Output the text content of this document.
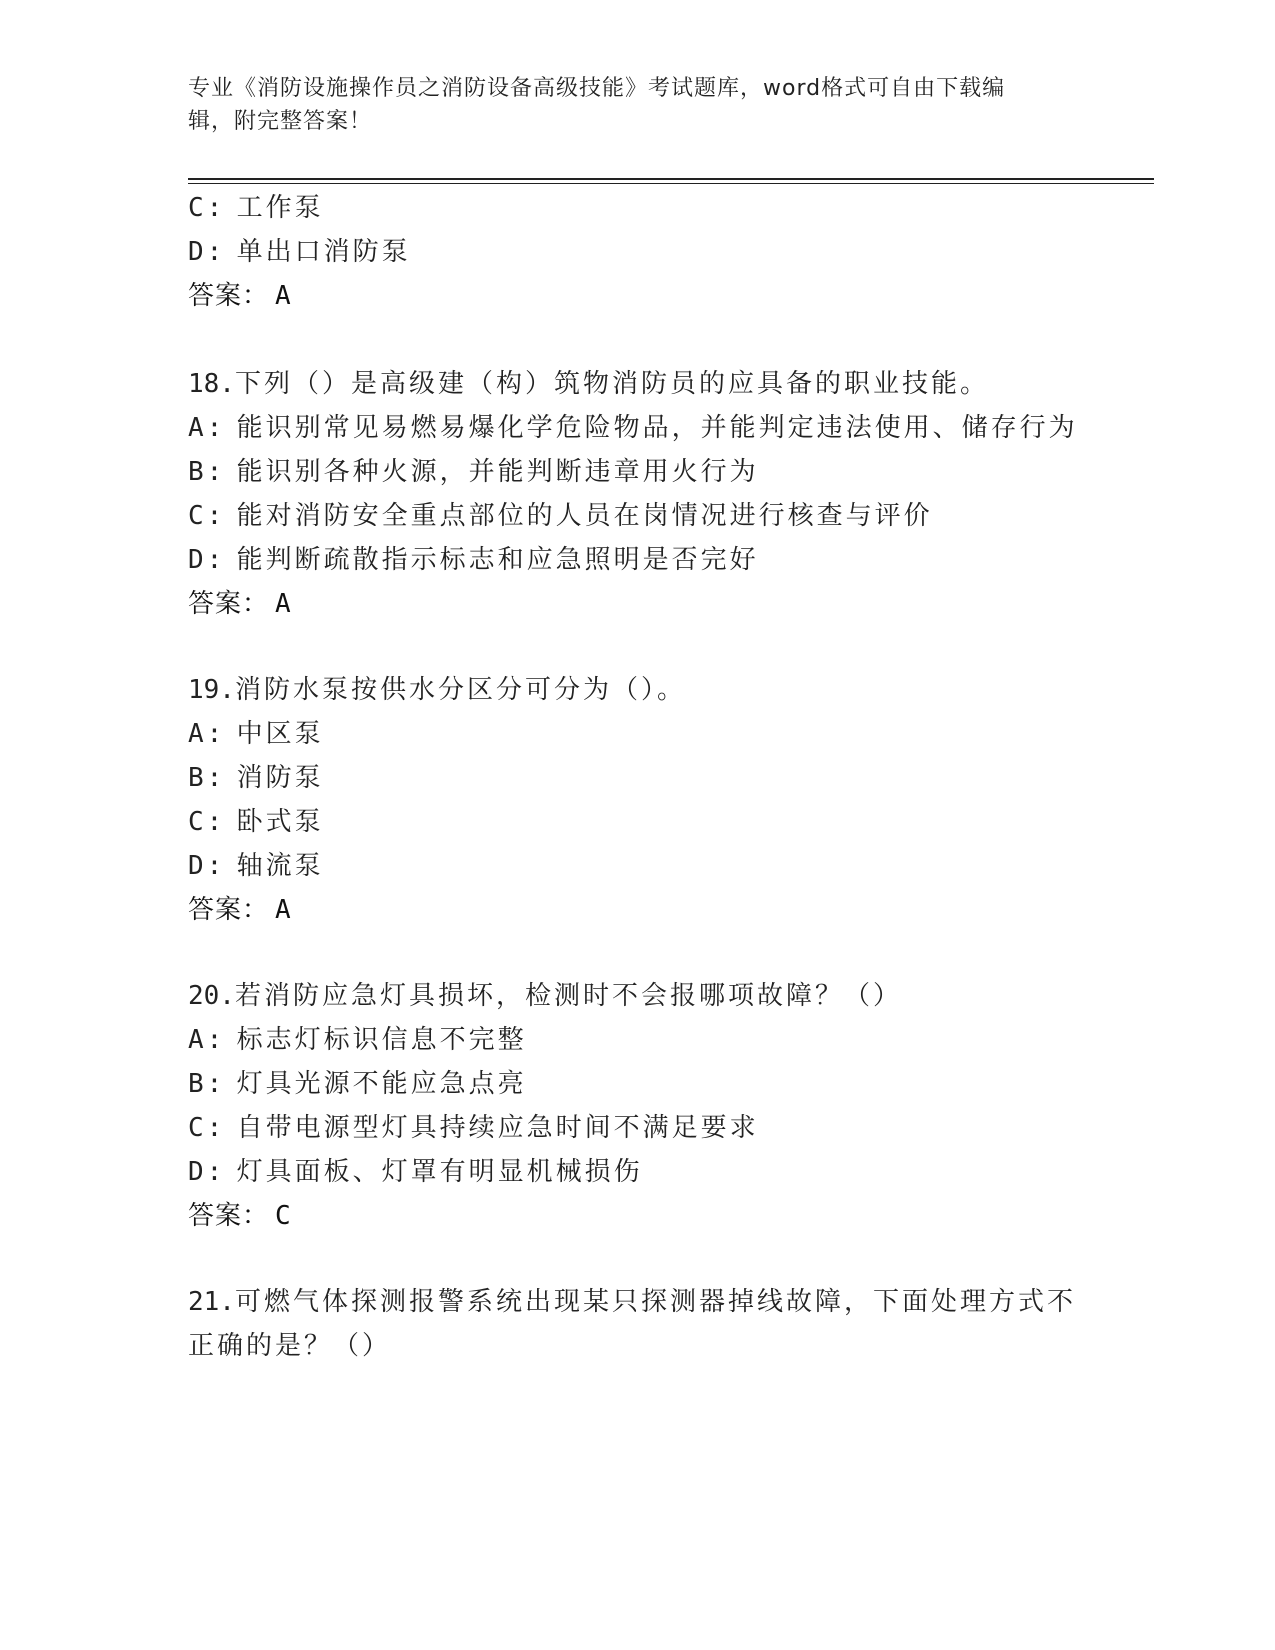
专业《消防设施操作员之消防设备高级技能》考试题库，word格式可自由下载编
辑，附完整答案！
C: 工作泵
D: 单出口消防泵
答案： A
18.下列（）是高级建（构）筑物消防员的应具备的职业技能。
A: 能识别常见易燃易爆化学危险物品，并能判定违法使用、储存行为
B: 能识别各种火源，并能判断违章用火行为
C: 能对消防安全重点部位的人员在岗情况进行核查与评价
D: 能判断疏散指示标志和应急照明是否完好
答案： A
19.消防水泵按供水分区分可分为（）。
A: 中区泵
B: 消防泵
C: 卧式泵
D: 轴流泵
答案： A
20.若消防应急灯具损坏，检测时不会报哪项故障？（）
A: 标志灯标识信息不完整
B: 灯具光源不能应急点亮
C: 自带电源型灯具持续应急时间不满足要求
D: 灯具面板、灯罩有明显机械损伤
答案： C
21.可燃气体探测报警系统出现某只探测器掉线故障，下面处理方式不
正确的是？（）
